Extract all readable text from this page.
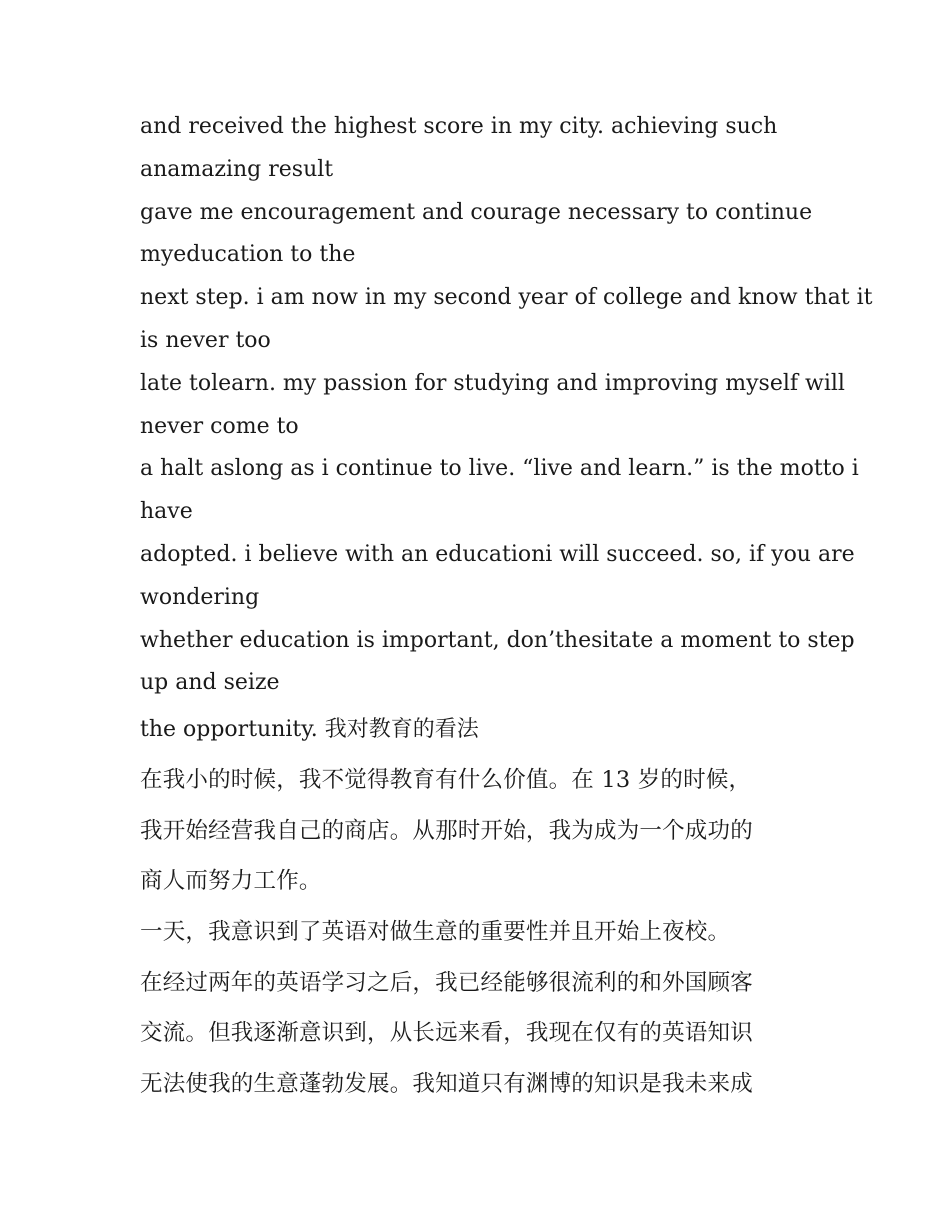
and received the highest score in my city. achieving such

anamazing result

gave me encouragement and courage necessary to continue

myeducation to the

next step. i am now in my second year of college and know that it

is never too

late tolearn. my passion for studying and improving myself will

never come to

a halt aslong as i continue to live. “live and learn.” is the motto i

have

adopted. i believe with an educationi will succeed. so, if you are

wondering

whether education is important, don’thesitate a moment to step

up and seize

the opportunity. 我对教育的看法

在我小的时候，我不觉得教育有什么价值。在 13 岁的时候，

我开始经营我自己的商店。从那时开始，我为成为一个成功的

商人而努力工作。

一天，我意识到了英语对做生意的重要性并且开始上夜校。

在经过两年的英语学习之后，我已经能够很流利的和外国顾客

交流。但我逐渐意识到，从长远来看，我现在仅有的英语知识

无法使我的生意蓬勃发展。我知道只有渊博的知识是我未来成
